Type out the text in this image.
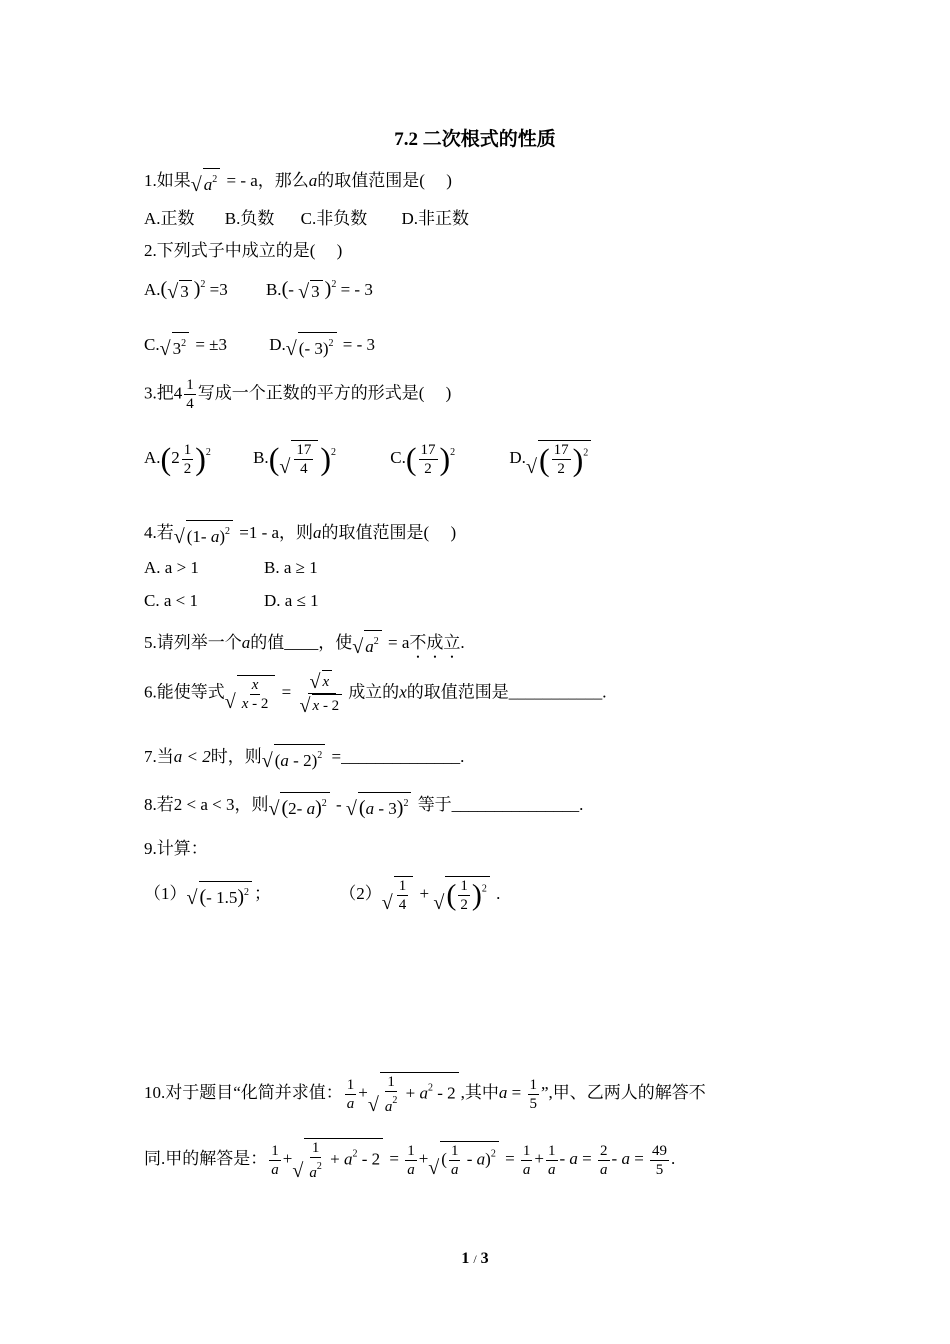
7.2 二次根式的性质
1.如果 √ $a^2$ = - a，那么a的取值范围是(　 )
A.正数 B.负数 C.非负数 D.非正数
2.下列式子中成立的是(　 )
A.( √ 3 )$^2$ =3 B.(- √ 3 )$^2$ = - 3
C. √ $3^2 = \pm 3$ D. √ (- 3)$^2$ = - 3
3.把$4 \frac{1}{4}$ 写成一个正数的平方的形式是(　 )
$A.(2 \frac{1}{2} )^2$ B.( √ $\frac{17}{4} )^2$	$C.( \frac{17}{2} )^2$	D. √ ( $\frac{17}{2} )^2$
4.若 √ (1- a)$^2$ =1 - a，则a的取值范围是(　 )
A. a > 1	B. a ≥ 1
C. a < 1	D. a ≤ 1
5.请列举一个a的值____，使 √ $a^2 = a$不成立.
6.能使等式 √ $\frac{x}{x - 2}$ = √ x
√ x - 2 成立的x的取值范围是___________.
7.当a < 2时，则 √ (a - 2)$^2$ =______________.
8.若2 < a < 3，则 √ (2- a)$^2$ - √ (a - 3)$^2$ 等于_______________.
9.计算：
（1） √ (- 1.5)$^2$ ；	（2） √ $\frac{1}{4}$ + √ ( $\frac{1}{2} )^2$ .
10.对于题目“化简并求值： $\frac{1}{a}$ + √ $\frac{1}{a^2} + a^2 - 2$ ,其中$a = \frac{1}{5}$ ”,甲、乙两人的解答不
同.甲的解答是： $\frac{1}{a}$ + √ $\frac{1}{a^2} + a^2 - 2 = \frac{1}{a}$ + √ ( $\frac{1}{a} - a)^2 = \frac{1}{a} + \frac{1}{a} - a = \frac{2}{a} - a = \frac{49}{5}$ .
1 / 3
